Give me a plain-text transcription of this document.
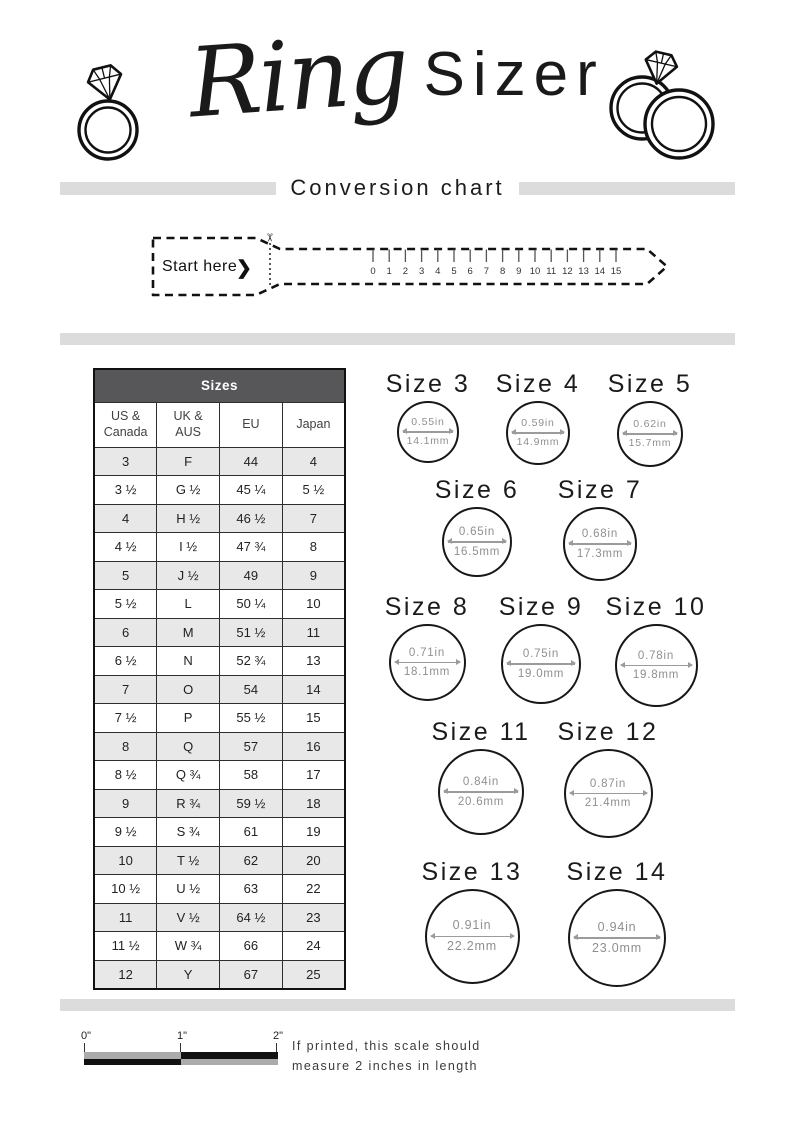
Ring Sizer
Conversion chart
Start here
❯
✂
0 1 2 3 4 5 6 7 8 9 10 11 12 13 14 15
Sizes			
US & Canada	UK & AUS	EU	Japan
3	F	44	4
3 ½	G ½	45 ¼	5 ½
4	H ½	46 ½	7
4 ½	I ½	47 ¾	8
5	J ½	49	9
5 ½	L	50 ¼	10
6	M	51 ½	11
6 ½	N	52 ¾	13
7	O	54	14
7 ½	P	55 ½	15
8	Q	57	16
8 ½	Q ¾	58	17
9	R ¾	59 ½	18
9 ½	S ¾	61	19
10	T ½	62	20
10 ½	U ½	63	22
11	V ½	64 ½	23
11 ½	W ¾	66	24
12	Y	67	25
Size 3
0.55in
14.1mm
Size 4
0.59in
14.9mm
Size 5
0.62in
15.7mm
Size 6
0.65in
16.5mm
Size 7
0.68in
17.3mm
Size 8
0.71in
18.1mm
Size 9
0.75in
19.0mm
Size 10
0.78in
19.8mm
Size 11
0.84in
20.6mm
Size 12
0.87in
21.4mm
Size 13
0.91in
22.2mm
Size 14
0.94in
23.0mm
0"	1"	2"
If printed, this scale should
measure 2 inches in length
